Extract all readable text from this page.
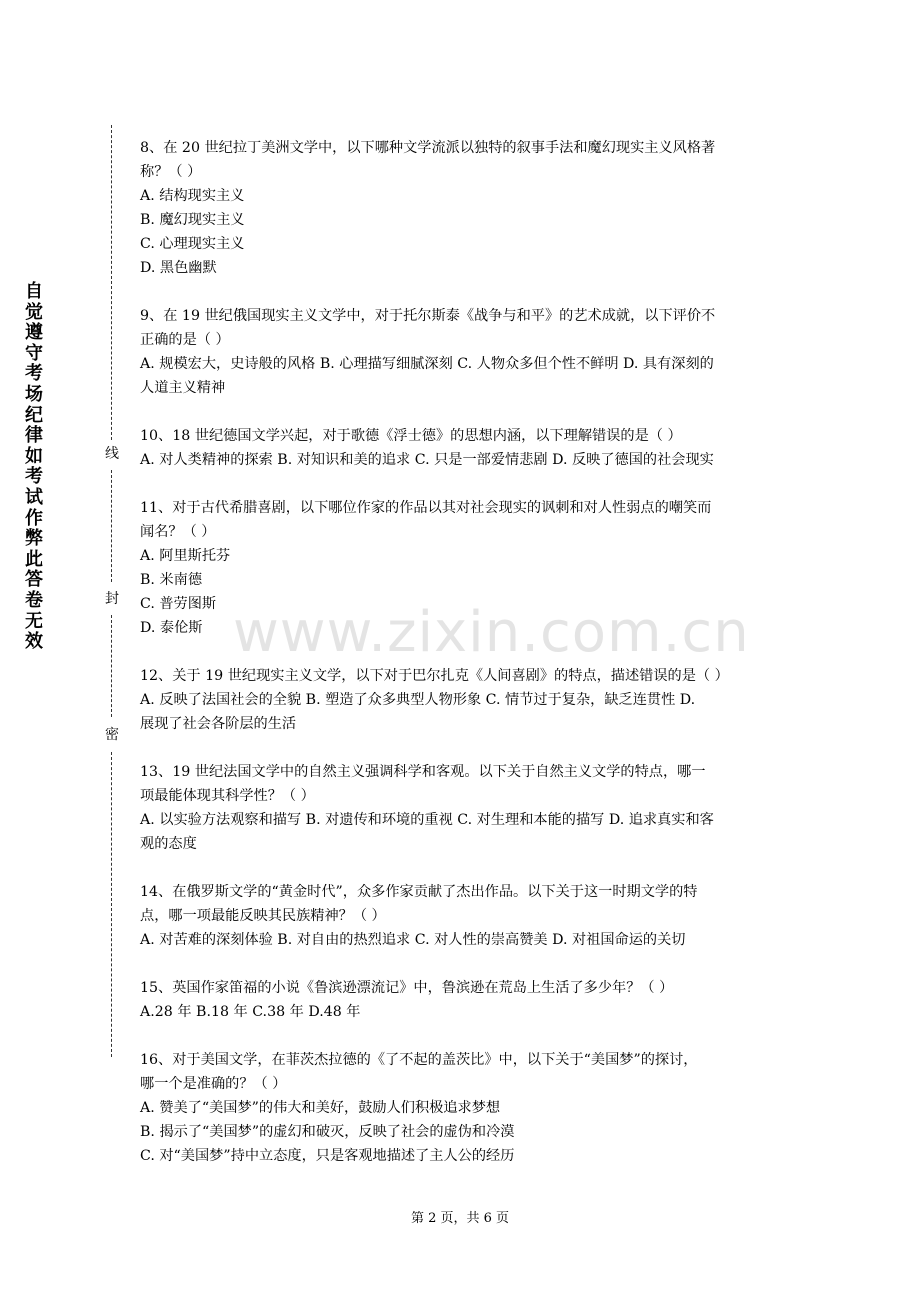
自觉遵守考场纪律如考试作弊此答卷无效
线
封
密
www.zixin.com.cn
8、在 20 世纪拉丁美洲文学中，以下哪种文学流派以独特的叙事手法和魔幻现实主义风格著
称？（ ）
A. 结构现实主义
B. 魔幻现实主义
C. 心理现实主义
D. 黑色幽默
9、在 19 世纪俄国现实主义文学中，对于托尔斯泰《战争与和平》的艺术成就，以下评价不
正确的是（ ）
A. 规模宏大，史诗般的风格 B. 心理描写细腻深刻 C. 人物众多但个性不鲜明 D. 具有深刻的
人道主义精神
10、18 世纪德国文学兴起，对于歌德《浮士德》的思想内涵，以下理解错误的是（ ）
A. 对人类精神的探索 B. 对知识和美的追求 C. 只是一部爱情悲剧 D. 反映了德国的社会现实
11、对于古代希腊喜剧，以下哪位作家的作品以其对社会现实的讽刺和对人性弱点的嘲笑而
闻名？（ ）
A. 阿里斯托芬
B. 米南德
C. 普劳图斯
D. 泰伦斯
12、关于 19 世纪现实主义文学，以下对于巴尔扎克《人间喜剧》的特点，描述错误的是（ ）
A. 反映了法国社会的全貌 B. 塑造了众多典型人物形象 C. 情节过于复杂，缺乏连贯性 D.
展现了社会各阶层的生活
13、19 世纪法国文学中的自然主义强调科学和客观。以下关于自然主义文学的特点，哪一
项最能体现其科学性？（ ）
A. 以实验方法观察和描写 B. 对遗传和环境的重视 C. 对生理和本能的描写 D. 追求真实和客
观的态度
14、在俄罗斯文学的“黄金时代”，众多作家贡献了杰出作品。以下关于这一时期文学的特
点，哪一项最能反映其民族精神？（ ）
A. 对苦难的深刻体验 B. 对自由的热烈追求 C. 对人性的崇高赞美 D. 对祖国命运的关切
15、英国作家笛福的小说《鲁滨逊漂流记》中，鲁滨逊在荒岛上生活了多少年？（ ）
A.28 年 B.18 年 C.38 年 D.48 年
16、对于美国文学，在菲茨杰拉德的《了不起的盖茨比》中，以下关于“美国梦”的探讨，
哪一个是准确的？（ ）
A. 赞美了“美国梦”的伟大和美好，鼓励人们积极追求梦想
B. 揭示了“美国梦”的虚幻和破灭，反映了社会的虚伪和冷漠
C. 对“美国梦”持中立态度，只是客观地描述了主人公的经历
第 2 页，共 6 页
